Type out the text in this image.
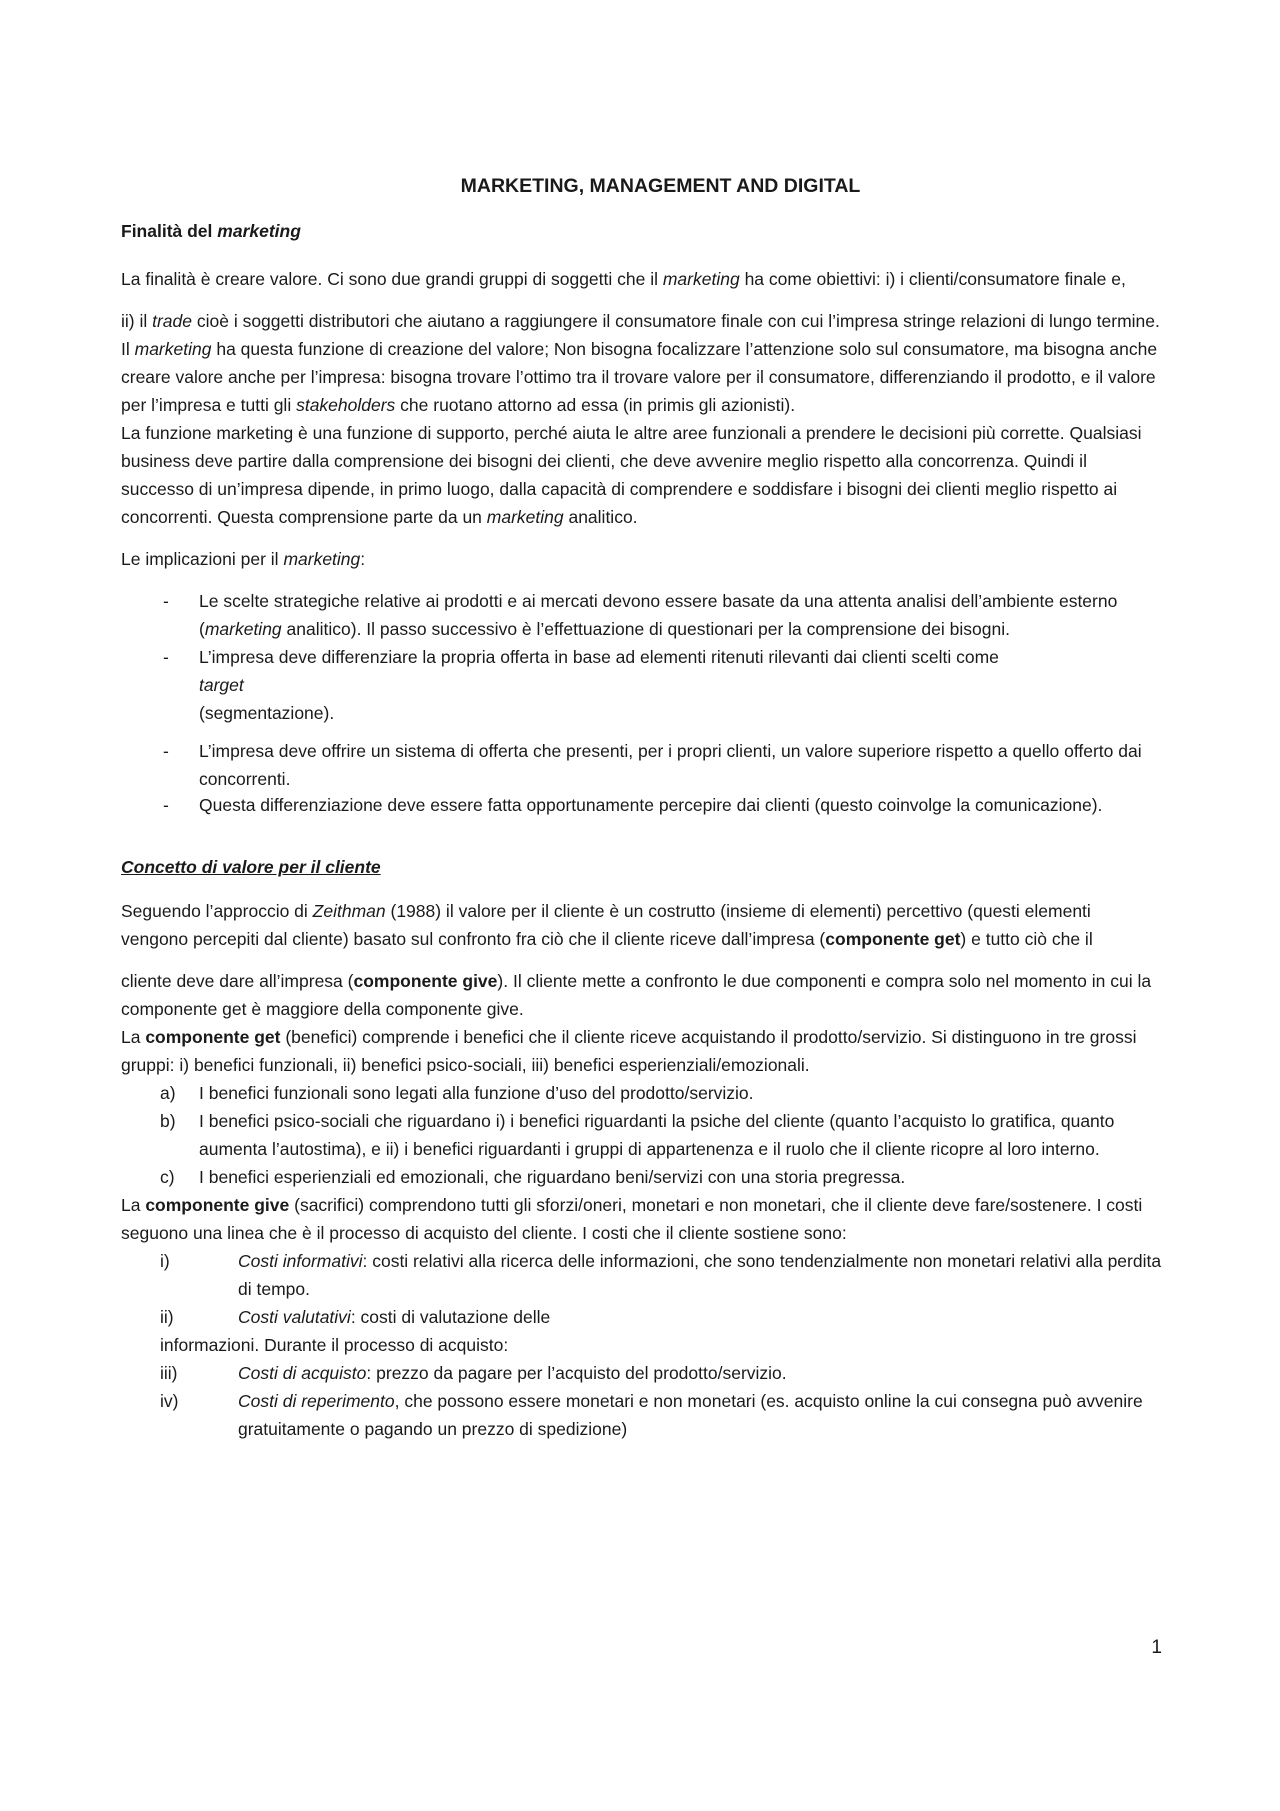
MARKETING, MANAGEMENT AND DIGITAL
Finalità del marketing

La finalità è creare valore. Ci sono due grandi gruppi di soggetti che il marketing ha come obiettivi: i) i clienti/consumatore finale e,

ii) il trade cioè i soggetti distributori che aiutano a raggiungere il consumatore finale con cui l’impresa stringe relazioni di lungo termine. Il marketing ha questa funzione di creazione del valore; Non bisogna focalizzare l’attenzione solo sul consumatore, ma bisogna anche creare valore anche per l’impresa: bisogna trovare l’ottimo tra il trovare valore per il consumatore, differenziando il prodotto, e il valore per l’impresa e tutti gli stakeholders che ruotano attorno ad essa (in primis gli azionisti).

La funzione marketing è una funzione di supporto, perché aiuta le altre aree funzionali a prendere le decisioni più corrette. Qualsiasi business deve partire dalla comprensione dei bisogni dei clienti, che deve avvenire meglio rispetto alla concorrenza. Quindi il successo di un’impresa dipende, in primo luogo, dalla capacità di comprendere e soddisfare i bisogni dei clienti meglio rispetto ai concorrenti. Questa comprensione parte da un marketing analitico.

Le implicazioni per il marketing:

- Le scelte strategiche relative ai prodotti e ai mercati devono essere basate da una attenta analisi dell’ambiente esterno (marketing analitico). Il passo successivo è l’effettuazione di questionari per la comprensione dei bisogni.
- L’impresa deve differenziare la propria offerta in base ad elementi ritenuti rilevanti dai clienti scelti come
target
(segmentazione).
- L’impresa deve offrire un sistema di offerta che presenti, per i propri clienti, un valore superiore rispetto a quello offerto dai concorrenti.
- Questa differenziazione deve essere fatta opportunamente percepire dai clienti (questo coinvolge la comunicazione).
Concetto di valore per il cliente

Seguendo l’approccio di Zeithman (1988) il valore per il cliente è un costrutto (insieme di elementi) percettivo (questi elementi vengono percepiti dal cliente) basato sul confronto fra ciò che il cliente riceve dall’impresa (componente get) e tutto ciò che il

cliente deve dare all’impresa (componente give). Il cliente mette a confronto le due componenti e compra solo nel momento in cui la componente get è maggiore della componente give.

La componente get (benefici) comprende i benefici che il cliente riceve acquistando il prodotto/servizio. Si distinguono in tre grossi gruppi: i) benefici funzionali, ii) benefici psico-sociali, iii) benefici esperienziali/emozionali.

a) I benefici funzionali sono legati alla funzione d’uso del prodotto/servizio.
b) I benefici psico-sociali che riguardano i) i benefici riguardanti la psiche del cliente (quanto l’acquisto lo gratifica, quanto aumenta l’autostima), e ii) i benefici riguardanti i gruppi di appartenenza e il ruolo che il cliente ricopre al loro interno.
c) I benefici esperienziali ed emozionali, che riguardano beni/servizi con una storia pregressa.

La componente give (sacrifici) comprendono tutti gli sforzi/oneri, monetari e non monetari, che il cliente deve fare/sostenere. I costi seguono una linea che è il processo di acquisto del cliente. I costi che il cliente sostiene sono:

i)	Costi informativi: costi relativi alla ricerca delle informazioni, che sono tendenzialmente non monetari relativi alla perdita di tempo.
ii)	Costi valutativi: costi di valutazione delle
informazioni. Durante il processo di acquisto:
iii)	Costi di acquisto: prezzo da pagare per l’acquisto del prodotto/servizio.
iv)	Costi di reperimento, che possono essere monetari e non monetari (es. acquisto online la cui consegna può avvenire gratuitamente o pagando un prezzo di spedizione)
1
